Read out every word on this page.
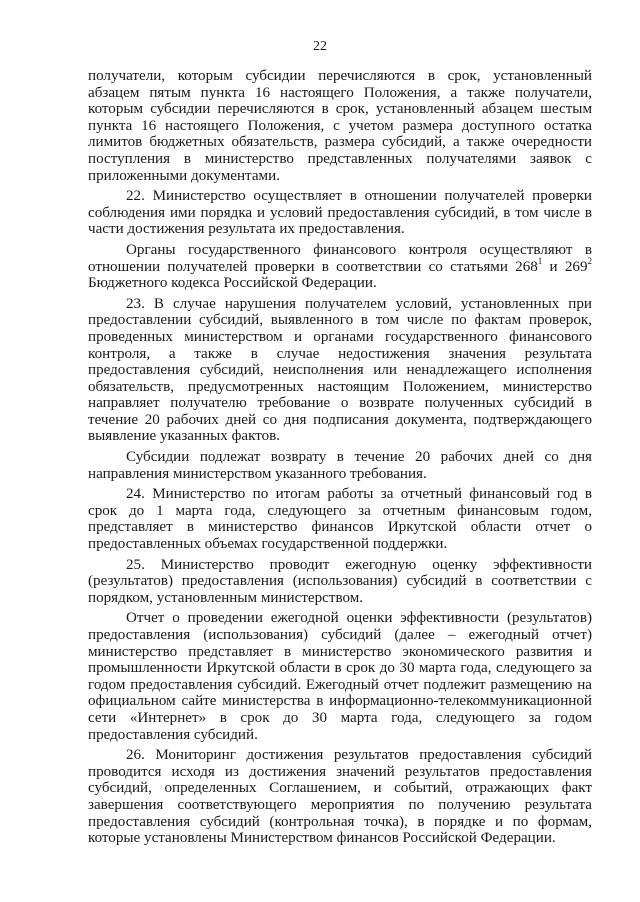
22

получатели, которым субсидии перечисляются в срок, установленный абзацем пятым пункта 16 настоящего Положения, а также получатели, которым субсидии перечисляются в срок, установленный абзацем шестым пункта 16 настоящего Положения, с учетом размера доступного остатка лимитов бюджетных обязательств, размера субсидий, а также очередности поступления в министерство представленных получателями заявок с приложенными документами.

22. Министерство осуществляет в отношении получателей проверки соблюдения ими порядка и условий предоставления субсидий, в том числе в части достижения результата их предоставления.

Органы государственного финансового контроля осуществляют в отношении получателей проверки в соответствии со статьями $268^1$ и $269^2$ Бюджетного кодекса Российской Федерации.

23. В случае нарушения получателем условий, установленных при предоставлении субсидий, выявленного в том числе по фактам проверок, проведенных министерством и органами государственного финансового контроля, а также в случае недостижения значения результата предоставления субсидий, неисполнения или ненадлежащего исполнения обязательств, предусмотренных настоящим Положением, министерство направляет получателю требование о возврате полученных субсидий в течение 20 рабочих дней со дня подписания документа, подтверждающего выявление указанных фактов.

Субсидии подлежат возврату в течение 20 рабочих дней со дня направления министерством указанного требования.

24. Министерство по итогам работы за отчетный финансовый год в срок до 1 марта года, следующего за отчетным финансовым годом, представляет в министерство финансов Иркутской области отчет о предоставленных объемах государственной поддержки.

25. Министерство проводит ежегодную оценку эффективности (результатов) предоставления (использования) субсидий в соответствии с порядком, установленным министерством.

Отчет о проведении ежегодной оценки эффективности (результатов) предоставления (использования) субсидий (далее – ежегодный отчет) министерство представляет в министерство экономического развития и промышленности Иркутской области в срок до 30 марта года, следующего за годом предоставления субсидий. Ежегодный отчет подлежит размещению на официальном сайте министерства в информационно-телекоммуникационной сети «Интернет» в срок до 30 марта года, следующего за годом предоставления субсидий.

26. Мониторинг достижения результатов предоставления субсидий проводится исходя из достижения значений результатов предоставления субсидий, определенных Соглашением, и событий, отражающих факт завершения соответствующего мероприятия по получению результата предоставления субсидий (контрольная точка), в порядке и по формам, которые установлены Министерством финансов Российской Федерации.
